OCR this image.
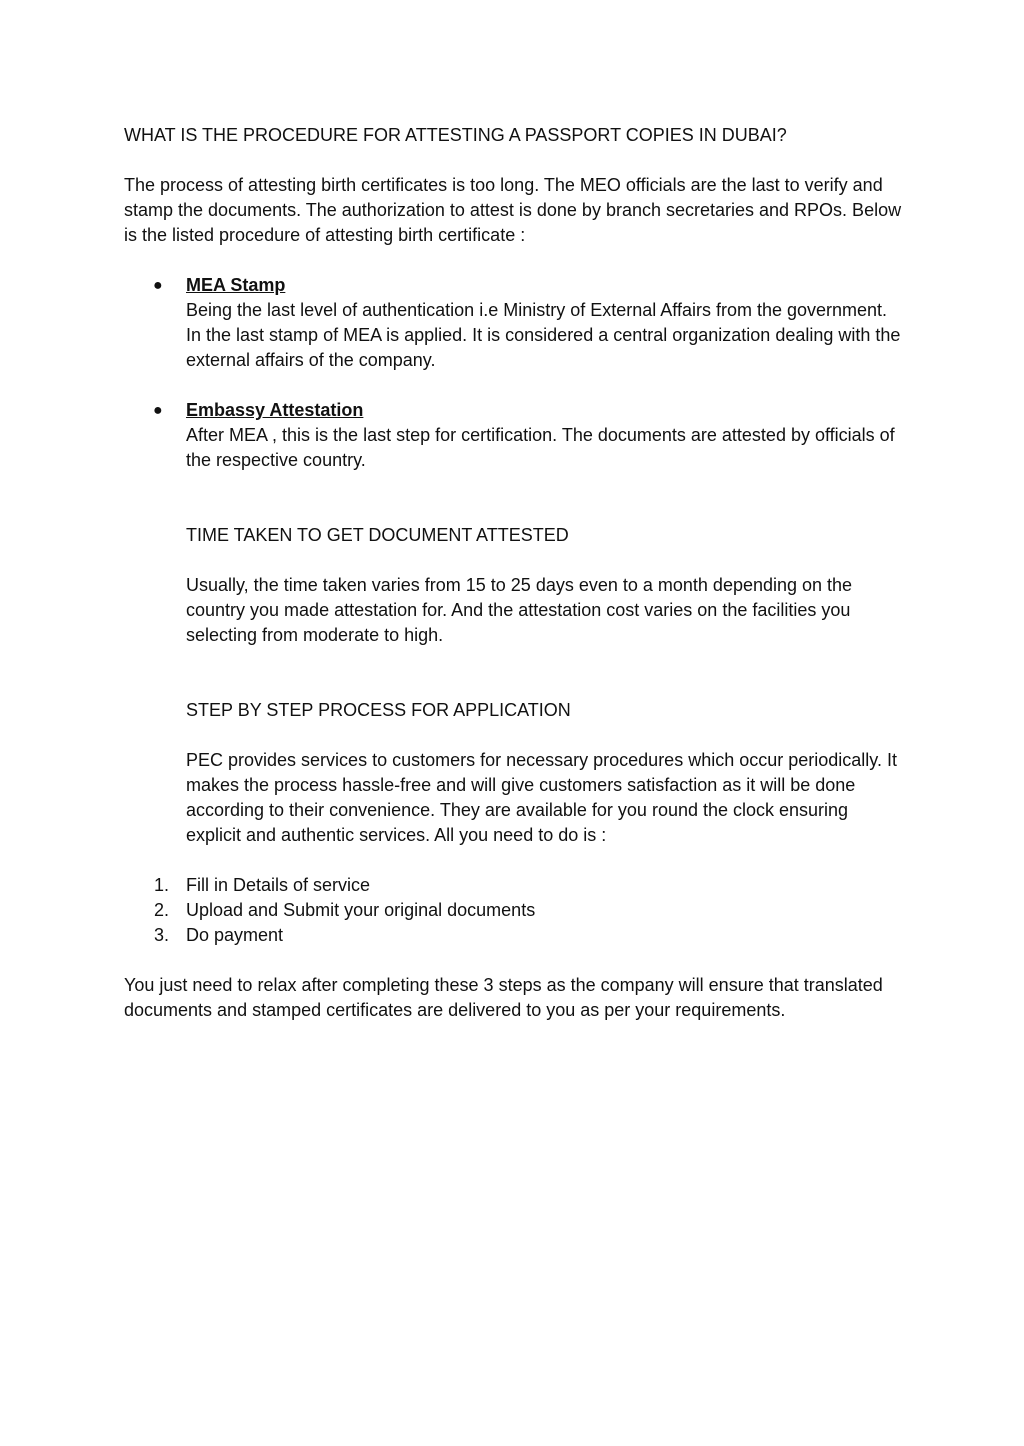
WHAT IS THE PROCEDURE FOR ATTESTING A PASSPORT COPIES IN DUBAI?

The process of attesting birth certificates is too long. The MEO officials are the last to verify and stamp the documents. The authorization to attest is done by branch secretaries and RPOs. Below is the listed procedure of attesting birth certificate :

● MEA Stamp
Being the last level of authentication i.e Ministry of External Affairs from the government. In the last stamp of MEA is applied. It is considered a central organization dealing with the external affairs of the company.
● Embassy Attestation
After MEA , this is the last step for certification. The documents are attested by officials of the respective country.

TIME TAKEN TO GET DOCUMENT ATTESTED

Usually, the time taken varies from 15 to 25 days even to a month depending on the country you made attestation for. And the attestation cost varies on the facilities you selecting from moderate to high.

STEP BY STEP PROCESS FOR APPLICATION

PEC provides services to customers for necessary procedures which occur periodically. It makes the process hassle-free and will give customers satisfaction as it will be done according to their convenience. They are available for you round the clock ensuring explicit and authentic services. All you need to do is :

1. Fill in Details of service
2. Upload and Submit your original documents
3. Do payment

You just need to relax after completing these 3 steps as the company will ensure that translated documents and stamped certificates are delivered to you as per your requirements.
